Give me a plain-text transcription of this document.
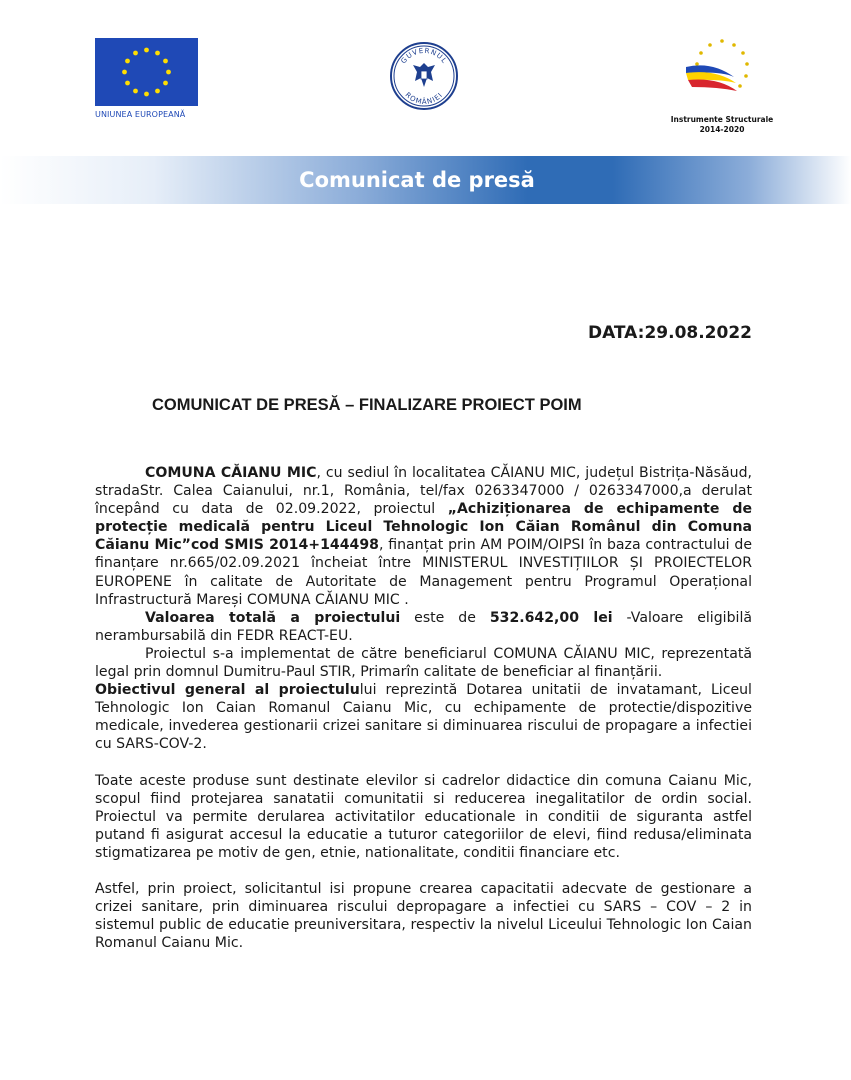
UNIUNEA EUROPEANĂ
GUVERNUL
ROMÂNIEI
Instrumente Structurale
2014-2020
Comunicat de presă
DATA:29.08.2022
COMUNICAT DE PRESĂ – FINALIZARE PROIECT POIM

COMUNA CĂIANU MIC, cu sediul în localitatea CĂIANU MIC, județul Bistrița-Năsăud, stradaStr. Calea Caianului, nr.1, România, tel/fax 0263347000 / 0263347000,a derulat începând cu data de 02.09.2022, proiectul „Achiziționarea de echipamente de protecție medicală pentru Liceul Tehnologic Ion Căian Românul din Comuna Căianu Mic”cod SMIS 2014+144498, finanțat prin AM POIM/OIPSI în baza contractului de finanțare nr.665/02.09.2021 încheiat între MINISTERUL INVESTIȚIILOR ȘI PROIECTELOR EUROPENE în calitate de Autoritate de Management pentru Programul Operațional Infrastructură Mareși COMUNA CĂIANU MIC .

Valoarea totală a proiectului este de 532.642,00 lei -Valoare eligibilă nerambursabilă din FEDR REACT-EU.

Proiectul s-a implementat de către beneficiarul COMUNA CĂIANU MIC, reprezentată legal prin domnul Dumitru-Paul STIR, Primarîn calitate de beneficiar al finanțării.

Obiectivul general al proiectulului reprezintă Dotarea unitatii de invatamant, Liceul Tehnologic Ion Caian Romanul Caianu Mic, cu echipamente de protectie/dispozitive medicale, invederea gestionarii crizei sanitare si diminuarea riscului de propagare a infectiei cu SARS-COV-2.

Toate aceste produse sunt destinate elevilor si cadrelor didactice din comuna Caianu Mic, scopul fiind protejarea sanatatii comunitatii si reducerea inegalitatilor de ordin social. Proiectul va permite derularea activitatilor educationale in conditii de siguranta astfel putand fi asigurat accesul la educatie a tuturor categoriilor de elevi, fiind redusa/eliminata stigmatizarea pe motiv de gen, etnie, nationalitate, conditii financiare etc.

Astfel, prin proiect, solicitantul isi propune crearea capacitatii adecvate de gestionare a crizei sanitare, prin diminuarea riscului depropagare a infectiei cu SARS – COV – 2 in sistemul public de educatie preuniversitara, respectiv la nivelul Liceului Tehnologic Ion Caian Romanul Caianu Mic.
